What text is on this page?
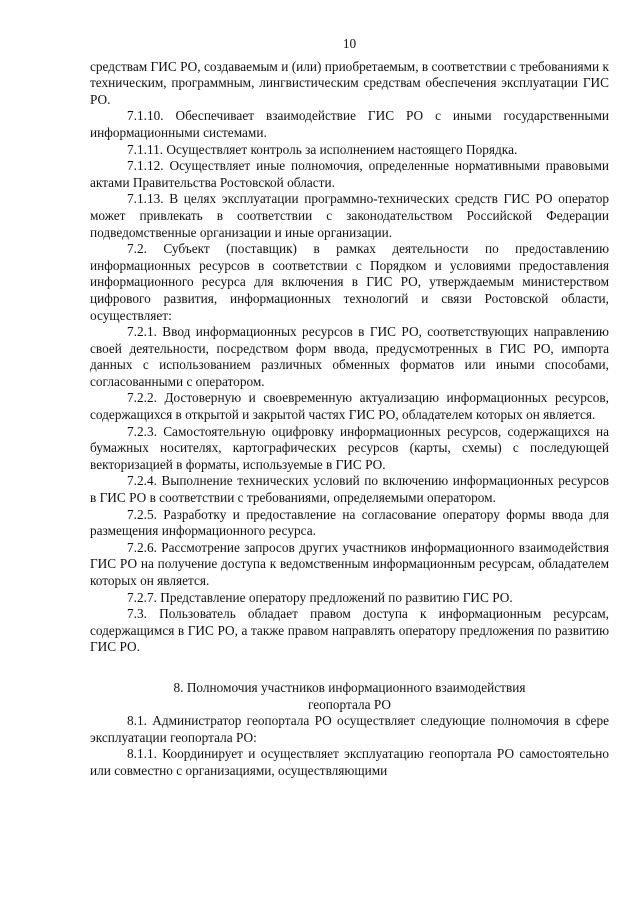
10

средствам ГИС РО, создаваемым и (или) приобретаемым, в соответствии с требованиями к техническим, программным, лингвистическим средствам обеспечения эксплуатации ГИС РО.

7.1.10. Обеспечивает взаимодействие ГИС РО с иными государственными информационными системами.

7.1.11. Осуществляет контроль за исполнением настоящего Порядка.

7.1.12. Осуществляет иные полномочия, определенные нормативными правовыми актами Правительства Ростовской области.

7.1.13. В целях эксплуатации программно-технических средств ГИС РО оператор может привлекать в соответствии с законодательством Российской Федерации подведомственные организации и иные организации.

7.2. Субъект (поставщик) в рамках деятельности по предоставлению информационных ресурсов в соответствии с Порядком и условиями предоставления информационного ресурса для включения в ГИС РО, утверждаемым министерством цифрового развития, информационных технологий и связи Ростовской области, осуществляет:

7.2.1. Ввод информационных ресурсов в ГИС РО, соответствующих направлению своей деятельности, посредством форм ввода, предусмотренных в ГИС РО, импорта данных с использованием различных обменных форматов или иными способами, согласованными с оператором.

7.2.2. Достоверную и своевременную актуализацию информационных ресурсов, содержащихся в открытой и закрытой частях ГИС РО, обладателем которых он является.

7.2.3. Самостоятельную оцифровку информационных ресурсов, содержащихся на бумажных носителях, картографических ресурсов (карты, схемы) с последующей векторизацией в форматы, используемые в ГИС РО.

7.2.4. Выполнение технических условий по включению информационных ресурсов в ГИС РО в соответствии с требованиями, определяемыми оператором.

7.2.5. Разработку и предоставление на согласование оператору формы ввода для размещения информационного ресурса.

7.2.6. Рассмотрение запросов других участников информационного взаимодействия ГИС РО на получение доступа к ведомственным информационным ресурсам, обладателем которых он является.

7.2.7. Представление оператору предложений по развитию ГИС РО.

7.3. Пользователь обладает правом доступа к информационным ресурсам, содержащимся в ГИС РО, а также правом направлять оператору предложения по развитию ГИС РО.

8. Полномочия участников информационного взаимодействия
геопортала РО

8.1. Администратор геопортала РО осуществляет следующие полномочия в сфере эксплуатации геопортала РО:

8.1.1. Координирует и осуществляет эксплуатацию геопортала РО самостоятельно или совместно с организациями, осуществляющими
